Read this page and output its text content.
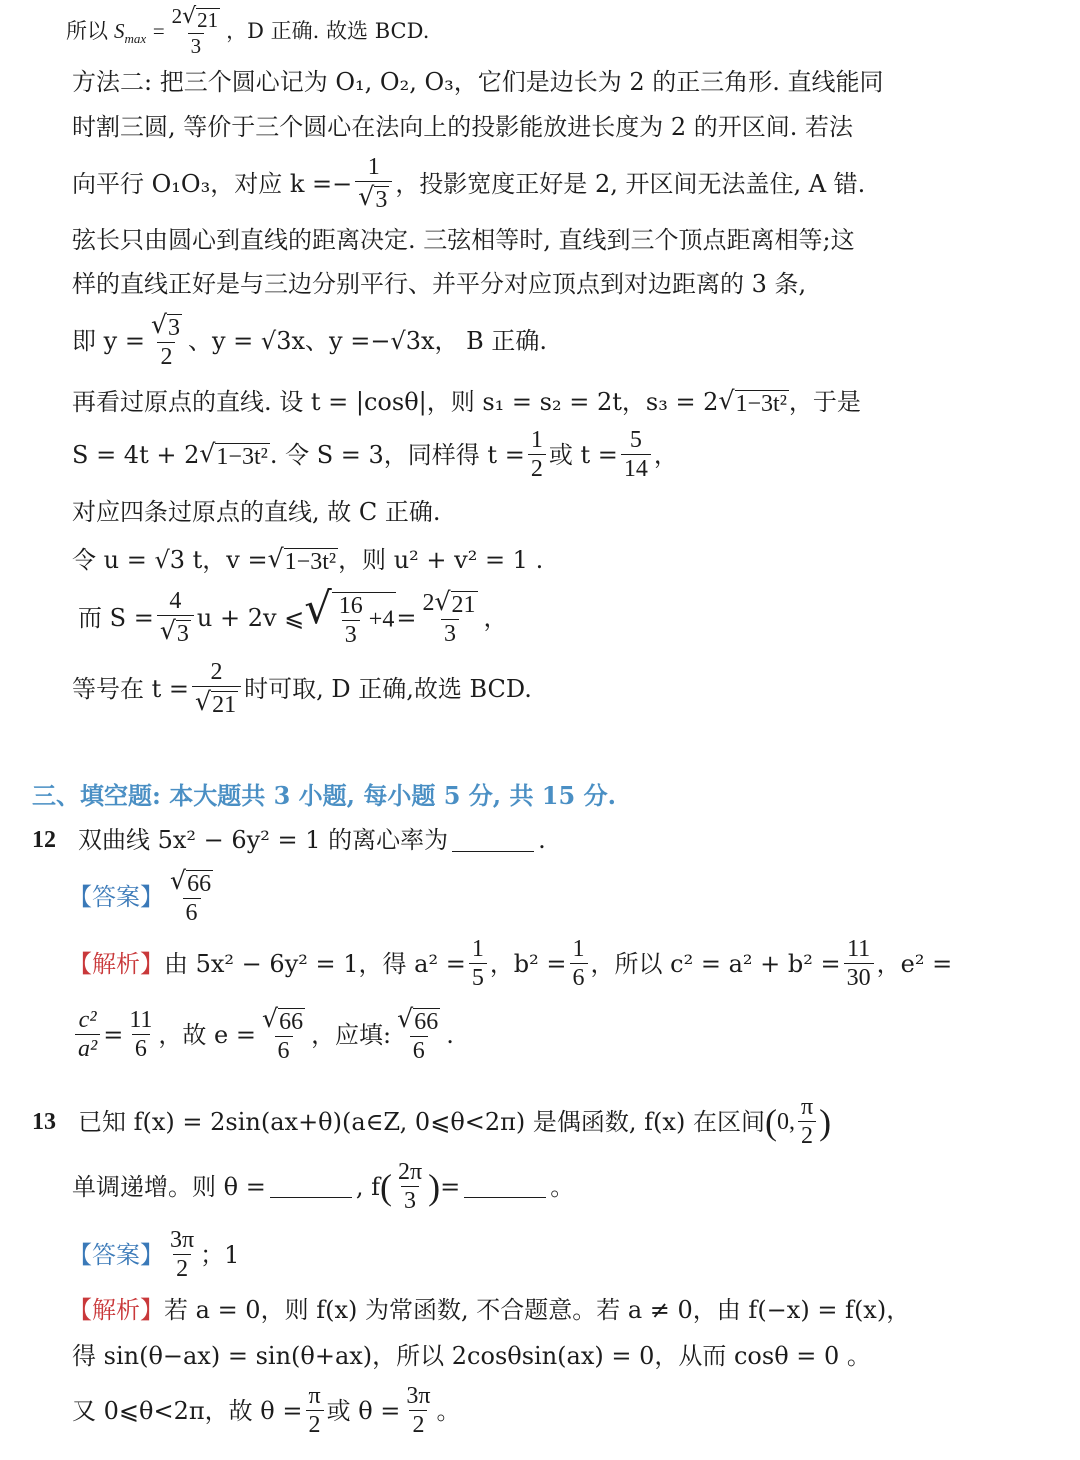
所以 $S_{max} = \frac{2 √ 21}{3}$ ，D 正确. 故选 BCD.
方法二: 把三个圆心记为 O₁, O₂, O₃，它们是边长为 2 的正三角形. 直线能同
时割三圆, 等价于三个圆心在法向上的投影能放进长度为 2 的开区间. 若法
向平行 O₁O₃，对应 $k =- \frac{1}{√ 3}$ ，投影宽度正好是 2, 开区间无法盖住, A 错.
弦长只由圆心到直线的距离决定. 三弦相等时, 直线到三个顶点距离相等;这
样的直线正好是与三边分别平行、并平分对应顶点到对边距离的 3 条,
即 $y = \frac{√ 3}{2}$ 、y = √3x、y =−√3x， B 正确.
再看过原点的直线. 设 t = |cosθ|，则 s₁ = s₂ = 2t，s₃ = 2 √ 1−3t² ，于是
S = 4t + 2 √ 1−3t² . 令 S = 3，同样得 $t = \frac{1}{2}$ 或 $t = \frac{5}{14}$ ，
对应四条过原点的直线, 故 C 正确.
令 u = √3 t，v = √ 1−3t² ，则 u² + v² = 1 .
而 $S = \frac{4}{√ 3}$ u + 2v ⩽ √ $\frac{16}{3} +4 = \frac{2 √ 21}{3}$ ，
等号在 $t = \frac{2}{√ 21}$ 时可取, D 正确,故选 BCD.
三、填空题: 本大题共 3 小题, 每小题 5 分, 共 15 分.
12 双曲线 5x² − 6y² = 1 的离心率为	.
【答案】 $\frac{√ 66}{6}$
【解析】 由 5x² − 6y² = 1，得 $a^2 = \frac{1}{5}$ ，$b^2 = \frac{1}{6}$ ，所以 $c^2 = a^2 + b^2 = \frac{11}{30}$ ，e² =
$\frac{\text{c²}}{\text{a²}} = \frac{11}{6}$ ，故 $e = \frac{√ 66}{6}$ ，应填: $\frac{√ 66}{6}$ .
13 已知 f(x) = 2sin(ax+θ)(a∈Z, 0⩽θ<2π) 是偶函数, f(x) 在区间 ( 0, $\frac{\pi}{2}$ )
单调递增。则 θ =	, f ( $\frac{2\pi}{3}$ ) =	。
【答案】 $\frac{3\pi}{2}$ ；1
【解析】 若 a = 0，则 f(x) 为常函数, 不合题意。若 a ≠ 0，由 f(−x) = f(x)，
得 sin(θ−ax) = sin(θ+ax)，所以 2cosθsin(ax) = 0，从而 cosθ = 0 。
又 0⩽θ<2π，故 $\theta = \frac{\pi}{2}$ 或 $\theta = \frac{3\pi}{2}$ 。
